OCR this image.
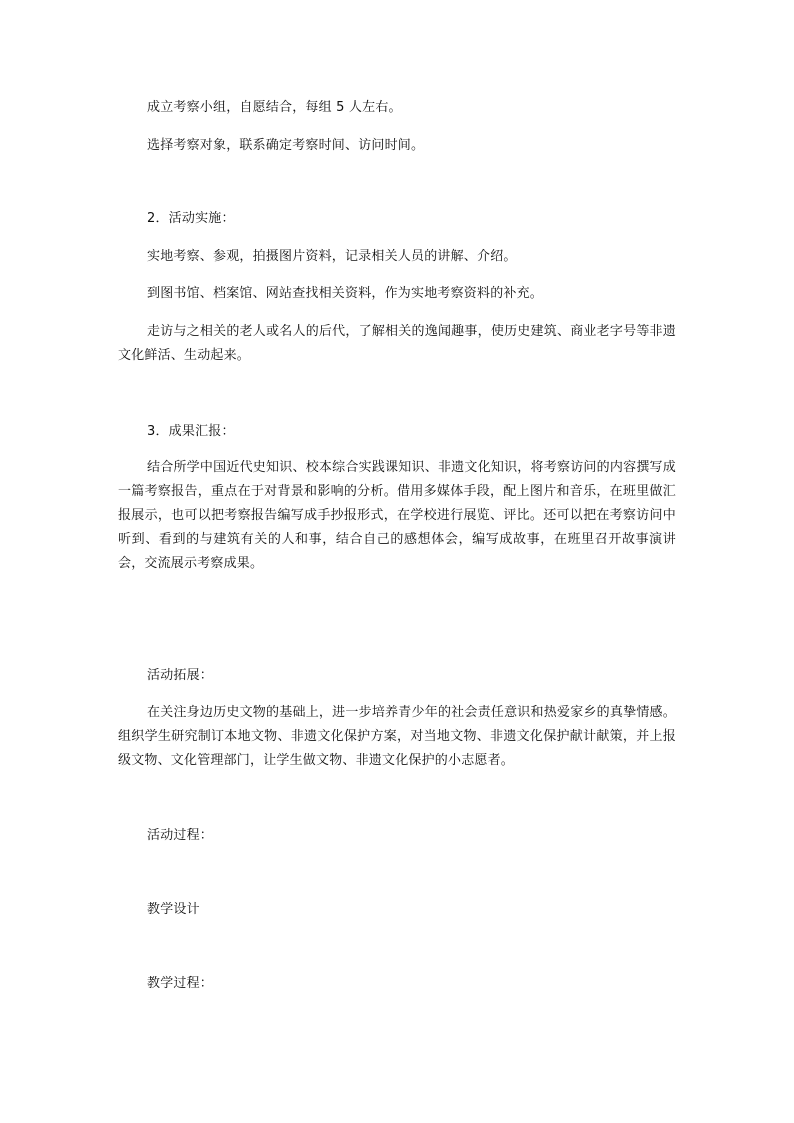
成立考察小组，自愿结合，每组 5 人左右。
选择考察对象，联系确定考察时间、访问时间。
2．活动实施：
实地考察、参观，拍摄图片资料，记录相关人员的讲解、介绍。
到图书馆、档案馆、网站查找相关资料，作为实地考察资料的补充。
走访与之相关的老人或名人的后代，了解相关的逸闻趣事，使历史建筑、商业老字号等非遗文化鲜活、生动起来。
3．成果汇报：
结合所学中国近代史知识、校本综合实践课知识、非遗文化知识，将考察访问的内容撰写成一篇考察报告，重点在于对背景和影响的分析。借用多媒体手段，配上图片和音乐，在班里做汇报展示，也可以把考察报告编写成手抄报形式，在学校进行展览、评比。还可以把在考察访问中听到、看到的与建筑有关的人和事，结合自己的感想体会，编写成故事，在班里召开故事演讲会，交流展示考察成果。
活动拓展：
在关注身边历史文物的基础上，进一步培养青少年的社会责任意识和热爱家乡的真挚情感。组织学生研究制订本地文物、非遗文化保护方案，对当地文物、非遗文化保护献计献策，并上报级文物、文化管理部门，让学生做文物、非遗文化保护的小志愿者。
活动过程：
教学设计
教学过程：
